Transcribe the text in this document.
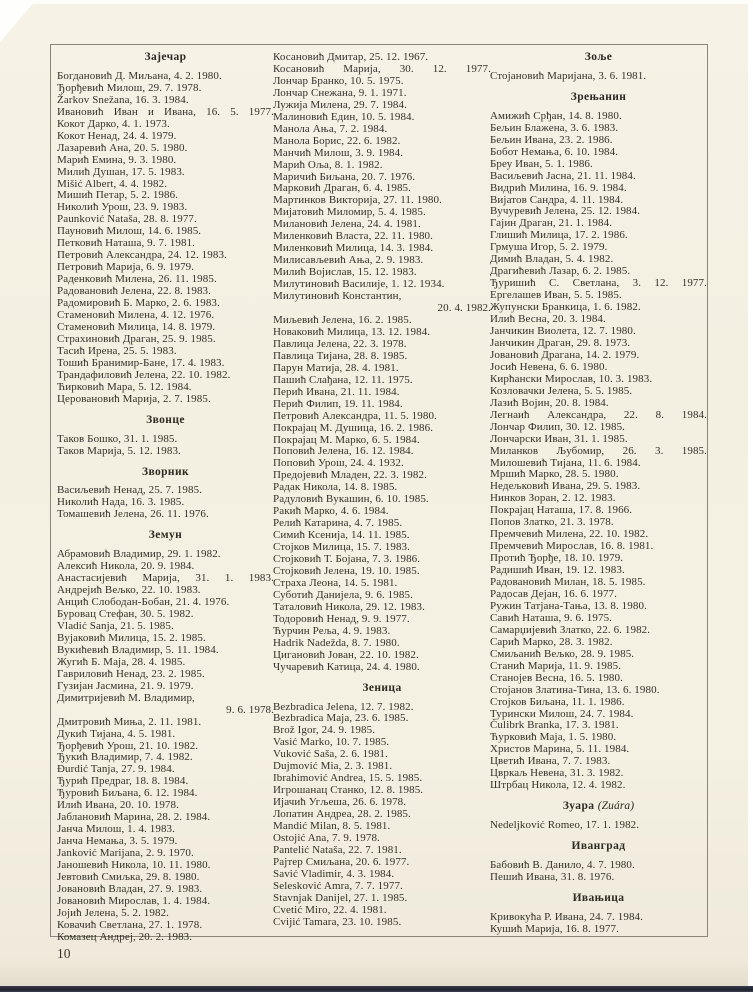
Зајечар
Богдановић Д. Миљана, 4. 2. 1980.
Ђорђевић Милош, 29. 7. 1978.
Žarkov Snežana, 16. 3. 1984.
Ивановић Иван и Ивана, 16. 5. 1977.
Кокот Дарко, 4. 1. 1973.
Кокот Ненад, 24. 4. 1979.
Лазаревић Ана, 20. 5. 1980.
Марић Емина, 9. 3. 1980.
Милић Душан, 17. 5. 1983.
Mišić Albert, 4. 4. 1982.
Мишић Петар, 5. 2. 1986.
Николић Урош, 23. 9. 1983.
Paunković Nataša, 28. 8. 1977.
Пауновић Милош, 14. 6. 1985.
Петковић Наташа, 9. 7. 1981.
Петровић Александра, 24. 12. 1983.
Петровић Марија, 6. 9. 1979.
Раденковић Милена, 26. 11. 1985.
Радовановић Јелена, 22. 8. 1983.
Радомировић Б. Марко, 2. 6. 1983.
Стаменовић Милена, 4. 12. 1976.
Стаменовић Милица, 14. 8. 1979.
Страхиновић Драган, 25. 9. 1985.
Тасић Ирена, 25. 5. 1983.
Тошић Бранимир-Бане, 17. 4. 1983.
Трандафиловић Јелена, 22. 10. 1982.
Ћирковић Мара, 5. 12. 1984.
Церовановић Марија, 2. 7. 1985.
Звонце
Таков Бошко, 31. 1. 1985.
Таков Марија, 5. 12. 1983.
Зворник
Васиљевић Ненад, 25. 7. 1985.
Николић Нада, 16. 3. 1985.
Томашевић Јелена, 26. 11. 1976.
Земун
Абрамовић Владимир, 29. 1. 1982.
Алексић Никола, 20. 9. 1984.
Анастасијевић Марија, 31. 1. 1983.
Андрејић Вељко, 22. 10. 1983.
Анцић Слободан-Бобан, 21. 4. 1976.
Буровац Стефан, 30. 5. 1982.
Vladić Sanja, 21. 5. 1985.
Вујаковић Милица, 15. 2. 1985.
Вукићевић Владимир, 5. 11. 1984.
Жугић Б. Маја, 28. 4. 1985.
Гавриловић Ненад, 23. 2. 1985.
Гузијан Јасмина, 21. 9. 1979.
Димитријевић М. Владимир,
9. 6. 1978.
Дмитровић Миња, 2. 11. 1981.
Дукић Тијана, 4. 5. 1981.
Ђорђевић Урош, 21. 10. 1982.
Ђукић Владимир, 7. 4. 1982.
Đurdić Tanja, 27. 9. 1984.
Ђурић Предраг, 18. 8. 1984.
Ђуровић Биљана, 6. 12. 1984.
Илић Ивана, 20. 10. 1978.
Јаблановић Марина, 28. 2. 1984.
Јанча Милош, 1. 4. 1983.
Јанча Немања, 3. 5. 1979.
Janković Marijana, 2. 9. 1970.
Јаношевић Никола, 10. 11. 1980.
Јевтовић Смиљка, 29. 8. 1980.
Јовановић Владан, 27. 9. 1983.
Јовановић Мирослав, 1. 4. 1984.
Јојић Јелена, 5. 2. 1982.
Ковачић Светлана, 27. 1. 1978.
Комазец Андреј, 20. 2. 1983.
Косановић Дмитар, 25. 12. 1967.
Косановић Марија, 30. 12. 1977.
Лончар Бранко, 10. 5. 1975.
Лончар Снежана, 9. 1. 1971.
Лужија Милена, 29. 7. 1984.
Малиновић Един, 10. 5. 1984.
Манола Ања, 7. 2. 1984.
Манола Борис, 22. 6. 1982.
Манчић Милош, 3. 9. 1984.
Марић Оља, 8. 1. 1982.
Маричић Биљана, 20. 7. 1976.
Марковић Драган, 6. 4. 1985.
Мартинков Викторија, 27. 11. 1980.
Мијатовић Миломир, 5. 4. 1985.
Милановић Јелена, 24. 4. 1981.
Миленковић Власта, 22. 11. 1980.
Миленковић Милица, 14. 3. 1984.
Милисављевић Ања, 2. 9. 1983.
Милић Војислав, 15. 12. 1983.
Милутиновић Василије, 1. 12. 1934.
Милутиновић Константин,
20. 4. 1982.
Миљевић Јелена, 16. 2. 1985.
Новаковић Милица, 13. 12. 1984.
Павлица Јелена, 22. 3. 1978.
Павлица Тијана, 28. 8. 1985.
Парун Матија, 28. 4. 1981.
Пашић Слађана, 12. 11. 1975.
Перић Ивана, 21. 11. 1984.
Перић Филип, 19. 11. 1984.
Петровић Александра, 11. 5. 1980.
Покрајац М. Душица, 16. 2. 1986.
Покрајац М. Марко, 6. 5. 1984.
Поповић Јелена, 16. 12. 1984.
Поповић Урош, 24. 4. 1932.
Предојевић Младен, 22. 3. 1982.
Радак Никола, 14. 8. 1985.
Радуловић Вукашин, 6. 10. 1985.
Ракић Марко, 4. 6. 1984.
Релић Катарина, 4. 7. 1985.
Симић Ксенија, 14. 11. 1985.
Стојков Милица, 15. 7. 1983.
Стојковић Т. Бојана, 7. 3. 1986.
Стојковић Јелена, 19. 10. 1985.
Страха Леона, 14. 5. 1981.
Суботић Данијела, 9. 6. 1985.
Таталовић Никола, 29. 12. 1983.
Тодоровић Ненад, 9. 9. 1977.
Ћурчин Реља, 4. 9. 1983.
Hadrik Nadežda, 8. 7. 1980.
Цигановић Јован, 22. 10. 1982.
Чучаревић Катица, 24. 4. 1980.
Зеница
Bezbradica Jelena, 12. 7. 1982.
Bezbradica Maja, 23. 6. 1985.
Brož Igor, 24. 9. 1985.
Vasić Marko, 10. 7. 1985.
Vuković Saša, 2. 6. 1981.
Dujmović Mia, 2. 3. 1981.
Ibrahimović Andrea, 15. 5. 1985.
Игрошанац Станко, 12. 8. 1985.
Ијачић Угљеша, 26. 6. 1978.
Лопатин Андреа, 28. 2. 1985.
Mandić Milan, 8. 5. 1981.
Ostojić Ana, 7. 9. 1978.
Pantelić Nataša, 22. 7. 1981.
Рајтер Смиљана, 20. 6. 1977.
Savić Vladimir, 4. 3. 1984.
Selesković Amra, 7. 7. 1977.
Stavnjak Danijel, 27. 1. 1985.
Cvetić Miro, 22. 4. 1981.
Cvijić Tamara, 23. 10. 1985.
Зоље
Стојановић Маријана, 3. 6. 1981.
Зрењанин
Амижић Срђан, 14. 8. 1980.
Бељин Блажена, 3. 6. 1983.
Бељин Ивана, 23. 2. 1986.
Бобот Немања, 6. 10. 1984.
Бреу Иван, 5. 1. 1986.
Васиљевић Јасна, 21. 11. 1984.
Видрић Милина, 16. 9. 1984.
Вијатов Сандра, 4. 11. 1984.
Вучуревић Јелена, 25. 12. 1984.
Гајин Драган, 21. 1. 1984.
Глишић Милица, 17. 2. 1986.
Грмуша Игор, 5. 2. 1979.
Димић Владан, 5. 4. 1982.
Драгићевић Лазар, 6. 2. 1985.
Ђуришић С. Светлана, 3. 12. 1977.
Ергелашев Иван, 5. 5. 1985.
Жупунски Бранкица, 1. 6. 1982.
Илић Весна, 20. 3. 1984.
Јанчикин Виолета, 12. 7. 1980.
Јанчикин Драган, 29. 8. 1973.
Јовановић Драгана, 14. 2. 1979.
Јосић Невена, 6. 6. 1980.
Кирћански Мирослав, 10. 3. 1983.
Козловачки Јелена, 5. 5. 1985.
Лазић Војин, 20. 8. 1984.
Легнаић Александра, 22. 8. 1984.
Лончар Филип, 30. 12. 1985.
Лончарски Иван, 31. 1. 1985.
Миланков Љубомир, 26. 3. 1985.
Милошевић Тијана, 11. 6. 1984.
Мршић Марко, 28. 5. 1980.
Недељковић Ивана, 29. 5. 1983.
Нинков Зоран, 2. 12. 1983.
Покрајац Наташа, 17. 8. 1966.
Попов Златко, 21. 3. 1978.
Премчевић Милена, 22. 10. 1982.
Премчевић Мирослав, 16. 8. 1981.
Протић Ђорђе, 18. 10. 1979.
Радишић Иван, 19. 12. 1983.
Радовановић Милан, 18. 5. 1985.
Радосав Дејан, 16. 6. 1977.
Ружин Татјана-Тања, 13. 8. 1980.
Савић Наташа, 9. 6. 1975.
Самарџијевић Златко, 22. 6. 1982.
Сарић Марко, 28. 3. 1982.
Смиљанић Вељко, 28. 9. 1985.
Станић Марија, 11. 9. 1985.
Станојев Весна, 16. 5. 1980.
Стојанов Златина-Тина, 13. 6. 1980.
Стојков Биљана, 11. 1. 1986.
Турински Милош, 24. 7. 1984.
Čulibrk Branka, 17. 3. 1981.
Ћурковић Маја, 1. 5. 1980.
Христов Марина, 5. 11. 1984.
Цветић Ивана, 7. 7. 1983.
Цвркаљ Невена, 31. 3. 1982.
Штрбац Никола, 12. 4. 1982.
Зуара (Zuára)
Nedeljković Romeo, 17. 1. 1982.
Иванград
Бабовић В. Данило, 4. 7. 1980.
Пешић Ивана, 31. 8. 1976.
Ивањица
Кривокућа Р. Ивана, 24. 7. 1984.
Кушић Марија, 16. 8. 1977.
10
